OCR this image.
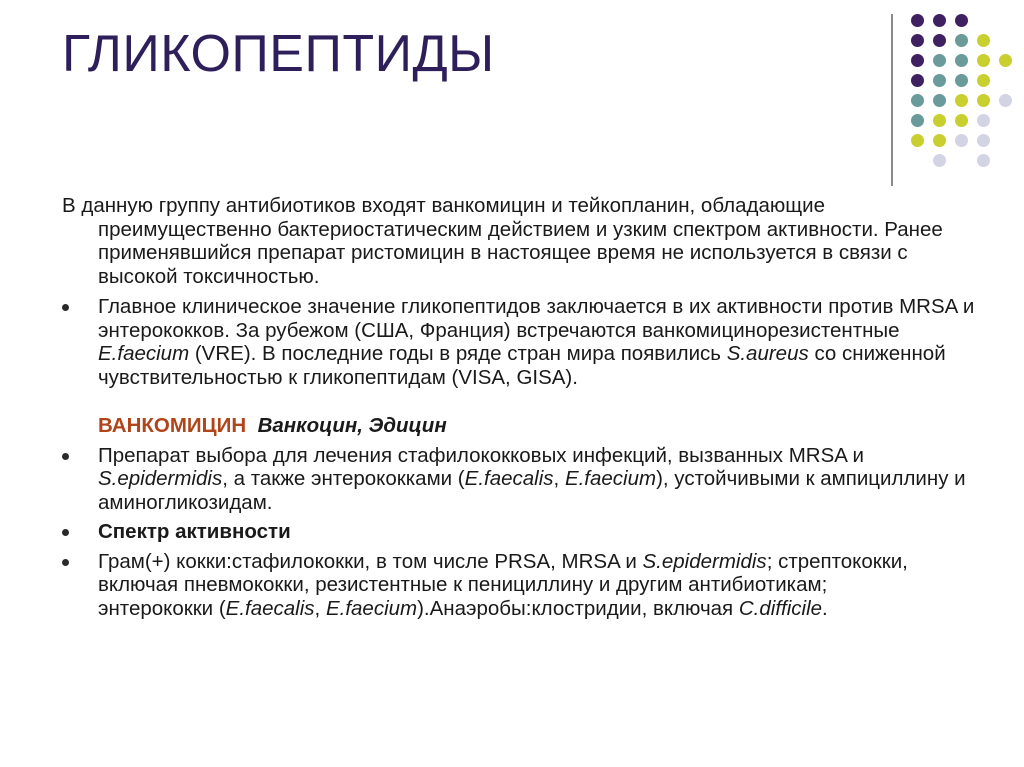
ГЛИКОПЕПТИДЫ

В данную группу антибиотиков входят ванкомицин и тейкопланин, обладающие преимущественно бактериостатическим действием и узким спектром активности. Ранее применявшийся препарат ристомицин в настоящее время не используется в связи с высокой токсичностью.

Главное клиническое значение гликопептидов заключается в их активности против MRSA и энтерококков. За рубежом (США, Франция) встречаются ванкомицинорезистентные E.faecium (VRE). В последние годы в ряде стран мира появились S.aureus со сниженной чувствительностью к гликопептидам (VISA, GISA).

ВАНКОМИЦИН Ванкоцин, Эдицин

Препарат выбора для лечения стафилококковых инфекций, вызванных MRSA и S.epidermidis, а также энтерококками (E.faecalis, E.faecium), устойчивыми к ампициллину и аминогликозидам.
Спектр активности
Грам(+) кокки:стафилококки, в том числе PRSA, MRSA и S.epidermidis; стрептококки, включая пневмококки, резистентные к пенициллину и другим антибиотикам;
энтерококки (E.faecalis, E.faecium).Анаэробы:клостридии, включая C.difficile.
